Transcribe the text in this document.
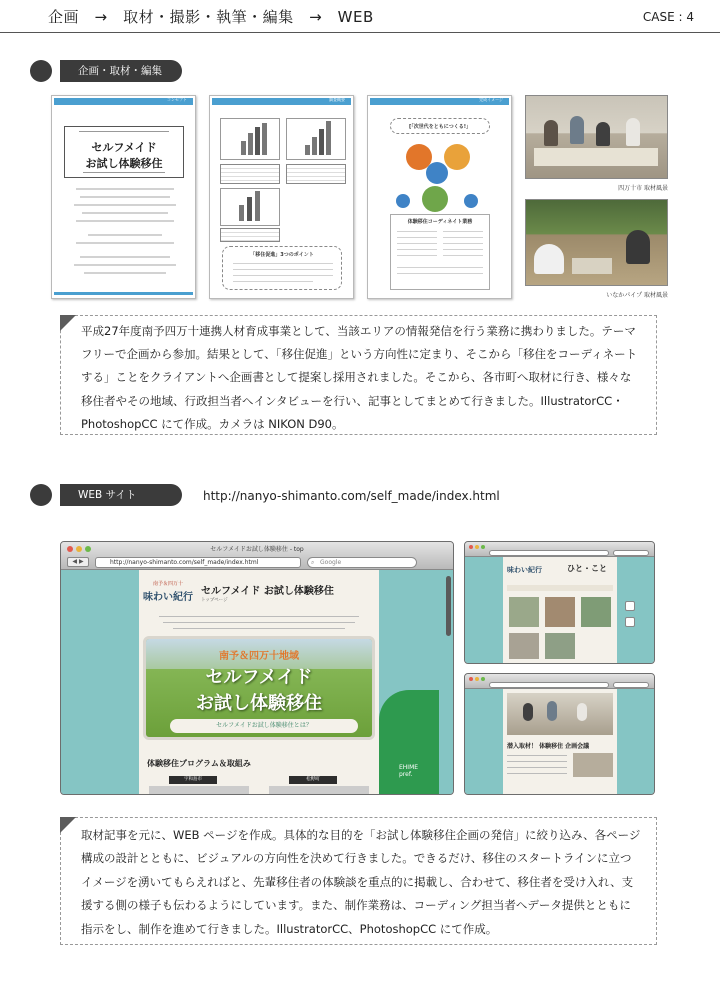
企画　→　取材・撮影・執筆・編集　→　WEB	CASE : 4
企画・取材・編集
コンセプト
セルフメイド
お試し体験移住
調査概要
「移住促進」3つのポイント
完成イメージ
[「次世代をともにつくる!」
体験移住コーディネイト業務
四万十市 取材風景
いなかパイプ 取材風景
平成27年度南予四万十連携人材育成事業として、当該エリアの情報発信を行う業務に携わりました。テーマフリーで企画から参加。結果として、「移住促進」という方向性に定まり、そこから「移住をコーディネートする」ことをクライアントへ企画書として提案し採用されました。そこから、各市町へ取材に行き、様々な移住者やその地域、行政担当者へインタビューを行い、記事としてまとめて行きました。IllustratorCC・PhotoshopCC にて作成。カメラは NIKON D90。
WEB サイト	http://nanyo-shimanto.com/self_made/index.html
セルフメイドお試し体験移住 - top
◀ ▶	http://nanyo-shimanto.com/self_made/index.html	Google
⌕
南予＆四万十
味わい紀行
セルフメイド お試し体験移住
トップページ
南予＆四万十地域
セルフメイド
お試し体験移住
セルフメイドお試し体験移住とは？
体験移住プログラム＆取組み
宇和島市	松野町
EHIME
pref.
味わい紀行	ひと・こと
潜入取材！ 体験移住 企画会議
取材記事を元に、WEB ページを作成。具体的な目的を「お試し体験移住企画の発信」に絞り込み、各ページ構成の設計とともに、ビジュアルの方向性を決めて行きました。できるだけ、移住のスタートラインに立つイメージを湧いてもらえればと、先輩移住者の体験談を重点的に掲載し、合わせて、移住者を受け入れ、支援する側の様子も伝わるようにしています。また、制作業務は、コーディング担当者へデータ提供とともに指示をし、制作を進めて行きました。IllustratorCC、PhotoshopCC にて作成。
